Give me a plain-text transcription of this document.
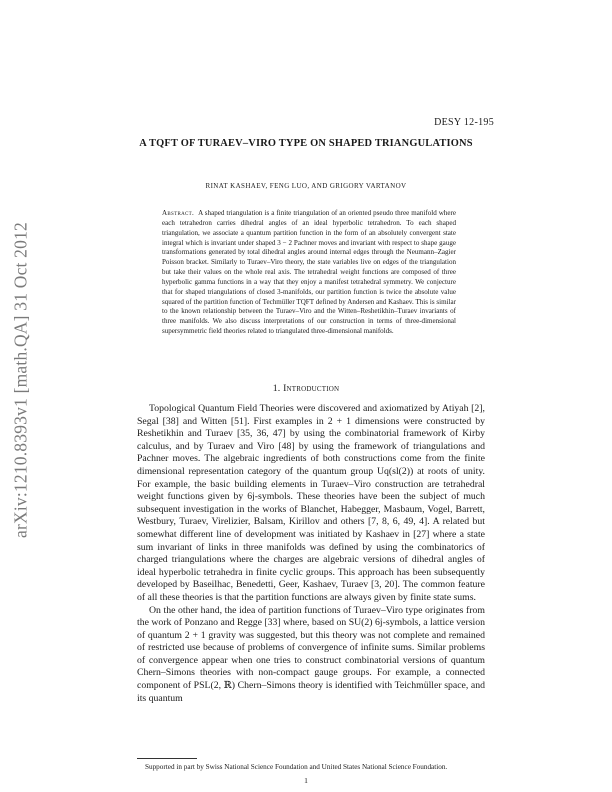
arXiv:1210.8393v1 [math.QA] 31 Oct 2012
DESY 12-195
A TQFT OF TURAEV–VIRO TYPE ON SHAPED TRIANGULATIONS
RINAT KASHAEV, FENG LUO, AND GRIGORY VARTANOV
Abstract. A shaped triangulation is a finite triangulation of an oriented pseudo three manifold where each tetrahedron carries dihedral angles of an ideal hyperbolic tetrahedron. To each shaped triangulation, we associate a quantum partition function in the form of an absolutely convergent state integral which is invariant under shaped 3 − 2 Pachner moves and invariant with respect to shape gauge transformations generated by total dihedral angles around internal edges through the Neumann–Zagier Poisson bracket. Similarly to Turaev–Viro theory, the state variables live on edges of the triangulation but take their values on the whole real axis. The tetrahedral weight functions are composed of three hyperbolic gamma functions in a way that they enjoy a manifest tetrahedral symmetry. We conjecture that for shaped triangulations of closed 3-manifolds, our partition function is twice the absolute value squared of the partition function of Techmüller TQFT defined by Andersen and Kashaev. This is similar to the known relationship between the Turaev–Viro and the Witten–Reshetikhin–Turaev invariants of three manifolds. We also discuss interpretations of our construction in terms of three-dimensional supersymmetric field theories related to triangulated three-dimensional manifolds.
1. Introduction

Topological Quantum Field Theories were discovered and axiomatized by Atiyah [2], Segal [38] and Witten [51]. First examples in 2 + 1 dimensions were constructed by Reshetikhin and Turaev [35, 36, 47] by using the combinatorial framework of Kirby calculus, and by Turaev and Viro [48] by using the framework of triangulations and Pachner moves. The algebraic ingredients of both constructions come from the finite dimensional representation category of the quantum group Uq(sl(2)) at roots of unity. For example, the basic building elements in Turaev–Viro construction are tetrahedral weight functions given by 6j-symbols. These theories have been the subject of much subsequent investigation in the works of Blanchet, Habegger, Masbaum, Vogel, Barrett, Westbury, Turaev, Virelizier, Balsam, Kirillov and others [7, 8, 6, 49, 4]. A related but somewhat different line of development was initiated by Kashaev in [27] where a state sum invariant of links in three manifolds was defined by using the combinatorics of charged triangulations where the charges are algebraic versions of dihedral angles of ideal hyperbolic tetrahedra in finite cyclic groups. This approach has been subsequently developed by Baseilhac, Benedetti, Geer, Kashaev, Turaev [3, 20]. The common feature of all these theories is that the partition functions are always given by finite state sums.

On the other hand, the idea of partition functions of Turaev–Viro type originates from the work of Ponzano and Regge [33] where, based on SU(2) 6j-symbols, a lattice version of quantum 2 + 1 gravity was suggested, but this theory was not complete and remained of restricted use because of problems of convergence of infinite sums. Similar problems of convergence appear when one tries to construct combinatorial versions of quantum Chern–Simons theories with non-compact gauge groups. For example, a connected component of PSL(2, ℝ) Chern–Simons theory is identified with Teichmüller space, and its quantum

Supported in part by Swiss National Science Foundation and United States National Science Foundation.
1
